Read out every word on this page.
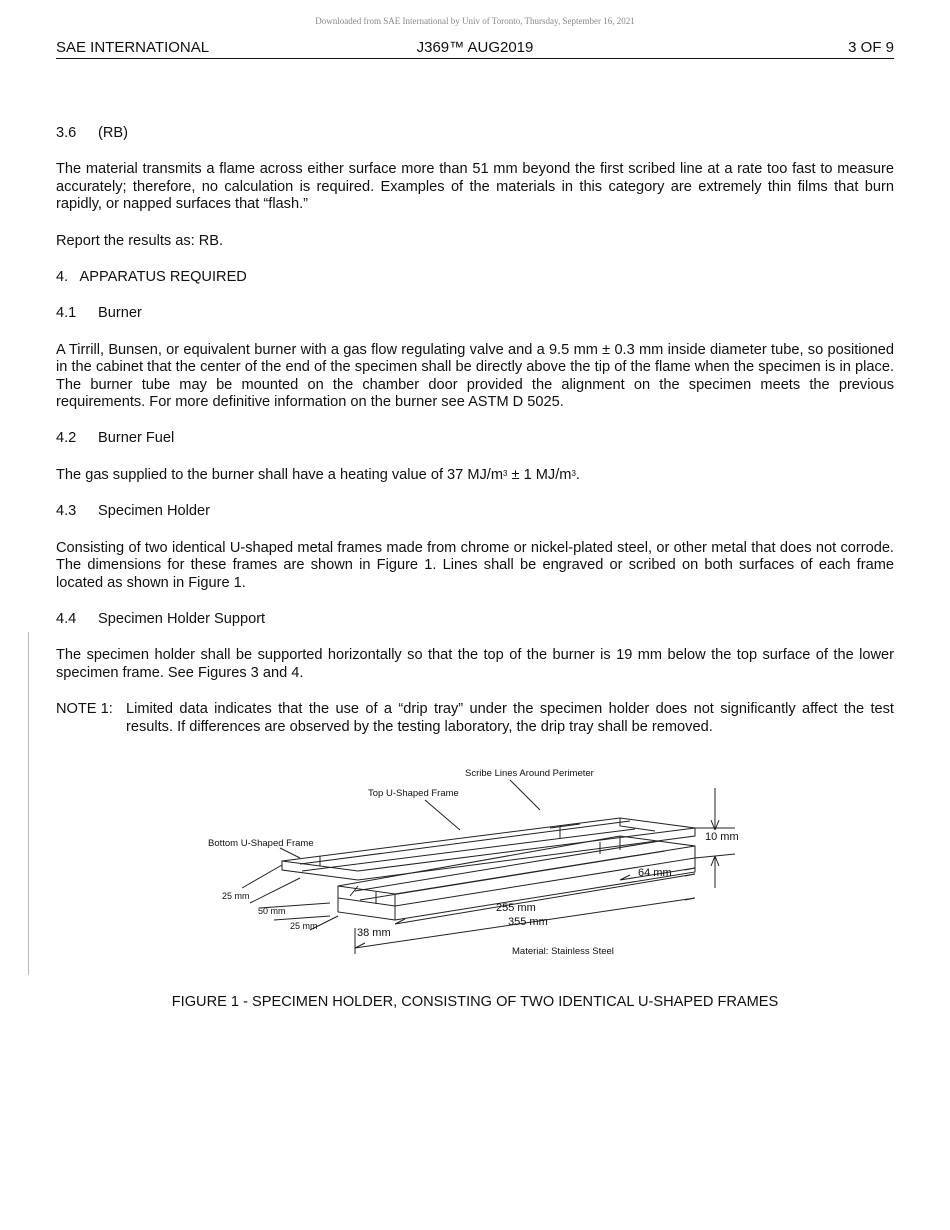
Downloaded from SAE International by Univ of Toronto, Thursday, September 16, 2021
J369™ AUG2019
SAE INTERNATIONAL	3 OF 9

3.6	(RB)

The material transmits a flame across either surface more than 51 mm beyond the first scribed line at a rate too fast to measure accurately; therefore, no calculation is required. Examples of the materials in this category are extremely thin films that burn rapidly, or napped surfaces that “flash.”

Report the results as: RB.

4.   APPARATUS REQUIRED

4.1	Burner

A Tirrill, Bunsen, or equivalent burner with a gas flow regulating valve and a 9.5 mm ± 0.3 mm inside diameter tube, so positioned in the cabinet that the center of the end of the specimen shall be directly above the tip of the flame when the specimen is in place. The burner tube may be mounted on the chamber door provided the alignment on the specimen meets the previous requirements. For more definitive information on the burner see ASTM D 5025.

4.2	Burner Fuel

The gas supplied to the burner shall have a heating value of 37 $MJ/m^3 \pm 1$ $MJ/m^3$.

4.3	Specimen Holder

Consisting of two identical U-shaped metal frames made from chrome or nickel-plated steel, or other metal that does not corrode. The dimensions for these frames are shown in Figure 1. Lines shall be engraved or scribed on both surfaces of each frame located as shown in Figure 1.

4.4	Specimen Holder Support

The specimen holder shall be supported horizontally so that the top of the burner is 19 mm below the top surface of the lower specimen frame. See Figures 3 and 4.

NOTE 1: Limited data indicates that the use of a “drip tray” under the specimen holder does not significantly affect the test results. If differences are observed by the testing laboratory, the drip tray shall be removed.
Scribe Lines Around Perimeter
Top U-Shaped Frame
Bottom U-Shaped Frame
10 mm
64 mm
25 mm
50 mm
25 mm
255 mm
38 mm
355 mm
Material: Stainless Steel
FIGURE 1 - SPECIMEN HOLDER, CONSISTING OF TWO IDENTICAL U-SHAPED FRAMES
